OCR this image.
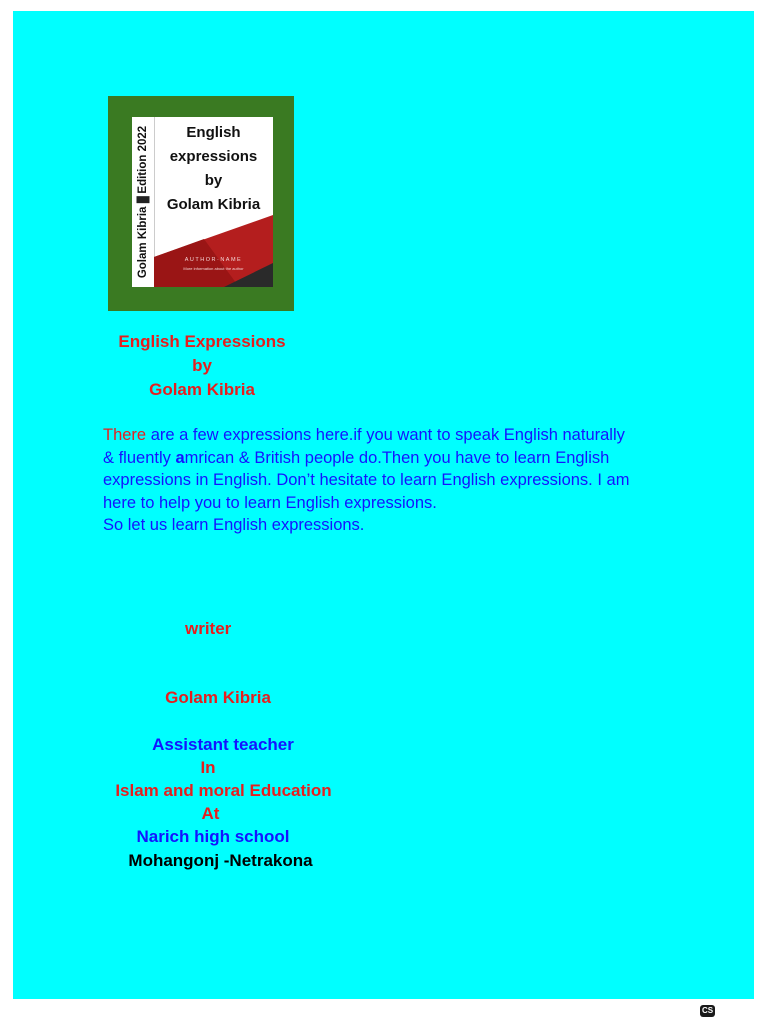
Golam KibriaEdition 2022	English
expressions
by
Golam Kibria
AUTHOR·NAME
More information about the author
English Expressions
by
Golam Kibria
There are a few expressions here.if you want to speak English naturally
& fluently amrican & British people do.Then you have to learn English
expressions in English. Don’t hesitate to learn English expressions. I am
here to help you to learn English expressions.
So let us learn English expressions.
writer
Golam Kibria
Assistant teacher
In
Islam and moral Education
At
Narich high school
Mohangonj -Netrakona
CS
